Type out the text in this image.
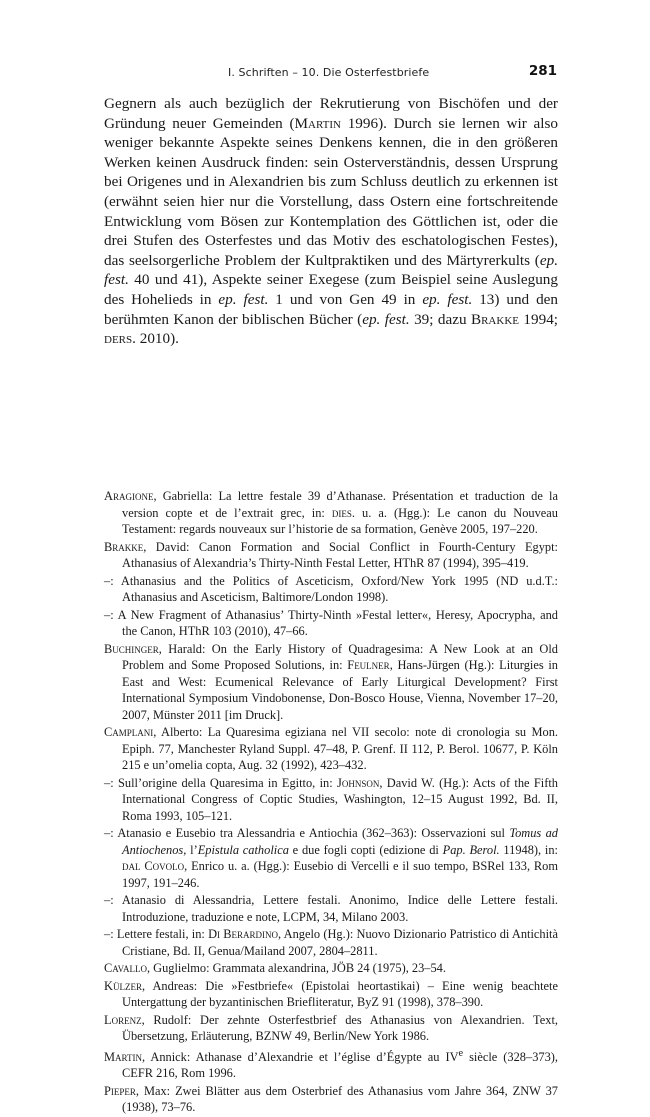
I. Schriften – 10. Die Osterfestbriefe	281
Gegnern als auch bezüglich der Rekrutierung von Bischöfen und der Gründung neuer Gemeinden (Martin 1996). Durch sie lernen wir also weniger bekannte Aspekte seines Denkens kennen, die in den größeren Werken keinen Ausdruck finden: sein Osterverständnis, dessen Ursprung bei Origenes und in Alexandrien bis zum Schluss deutlich zu erkennen ist (erwähnt seien hier nur die Vorstellung, dass Ostern eine fortschreitende Entwicklung vom Bösen zur Kontemplation des Göttlichen ist, oder die drei Stufen des Osterfestes und das Motiv des eschatologischen Festes), das seelsorgerliche Problem der Kultpraktiken und des Märtyrerkults (ep. fest. 40 und 41), Aspekte seiner Exegese (zum Beispiel seine Auslegung des Hohelieds in ep. fest. 1 und von Gen 49 in ep. fest. 13) und den berühmten Kanon der biblischen Bücher (ep. fest. 39; dazu Brakke 1994; ders. 2010).
Aragione, Gabriella: La lettre festale 39 d’Athanase. Présentation et traduction de la version copte et de l’extrait grec, in: dies. u. a. (Hgg.): Le canon du Nouveau Testament: regards nouveaux sur l’historie de sa formation, Genève 2005, 197–220.
Brakke, David: Canon Formation and Social Conflict in Fourth-Century Egypt: Athanasius of Alexandria’s Thirty-Ninth Festal Letter, HThR 87 (1994), 395–419.
–: Athanasius and the Politics of Asceticism, Oxford/New York 1995 (ND u.d.T.: Athanasius and Asceticism, Baltimore/London 1998).
–: A New Fragment of Athanasius’ Thirty-Ninth »Festal letter«, Heresy, Apocrypha, and the Canon, HThR 103 (2010), 47–66.
Buchinger, Harald: On the Early History of Quadragesima: A New Look at an Old Problem and Some Proposed Solutions, in: Feulner, Hans-Jürgen (Hg.): Liturgies in East and West: Ecumenical Relevance of Early Liturgical Development? First International Symposium Vindobonense, Don-Bosco House, Vienna, November 17–20, 2007, Münster 2011 [im Druck].
Camplani, Alberto: La Quaresima egiziana nel VII secolo: note di cronologia su Mon. Epiph. 77, Manchester Ryland Suppl. 47–48, P. Grenf. II 112, P. Berol. 10677, P. Köln 215 e un’omelia copta, Aug. 32 (1992), 423–432.
–: Sull’origine della Quaresima in Egitto, in: Johnson, David W. (Hg.): Acts of the Fifth International Congress of Coptic Studies, Washington, 12–15 August 1992, Bd. II, Roma 1993, 105–121.
–: Atanasio e Eusebio tra Alessandria e Antiochia (362–363): Osservazioni sul Tomus ad Antiochenos, l’Epistula catholica e due fogli copti (edizione di Pap. Berol. 11948), in: dal Covolo, Enrico u. a. (Hgg.): Eusebio di Vercelli e il suo tempo, BSRel 133, Rom 1997, 191–246.
–: Atanasio di Alessandria, Lettere festali. Anonimo, Indice delle Lettere festali. Introduzione, traduzione e note, LCPM, 34, Milano 2003.
–: Lettere festali, in: Di Berardino, Angelo (Hg.): Nuovo Dizionario Patristico di Antichità Cristiane, Bd. II, Genua/Mailand 2007, 2804–2811.
Cavallo, Guglielmo: Grammata alexandrina, JÖB 24 (1975), 23–54.
Külzer, Andreas: Die »Festbriefe« (Epistolai heortastikai) – Eine wenig beachtete Untergattung der byzantinischen Briefliteratur, ByZ 91 (1998), 378–390.
Lorenz, Rudolf: Der zehnte Osterfestbrief des Athanasius von Alexandrien. Text, Übersetzung, Erläuterung, BZNW 49, Berlin/New York 1986.
Martin, Annick: Athanase d’Alexandrie et l’église d’Égypte au IVe siècle (328–373), CEFR 216, Rom 1996.
Pieper, Max: Zwei Blätter aus dem Osterbrief des Athanasius vom Jahre 364, ZNW 37 (1938), 73–76.
